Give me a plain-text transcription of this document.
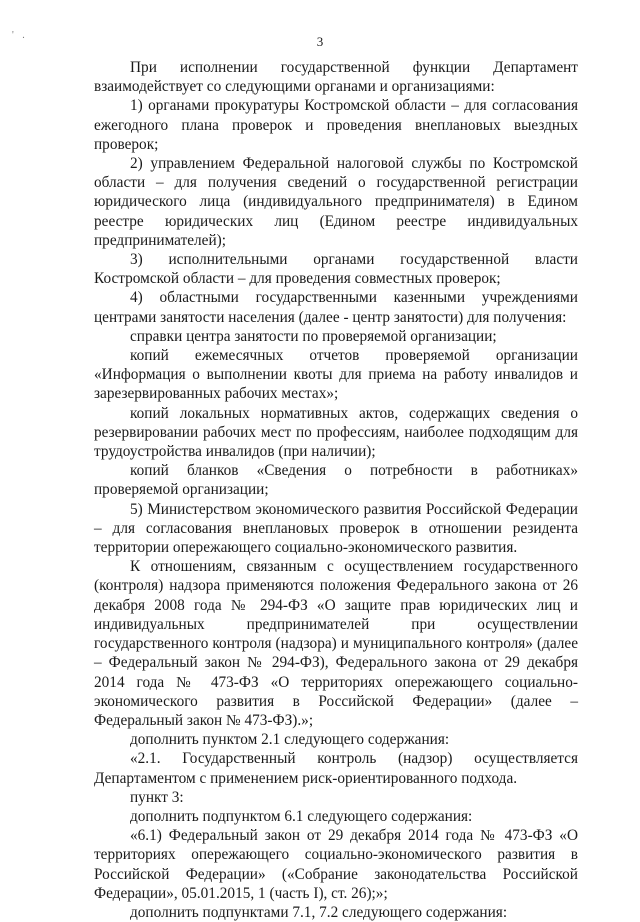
' .	3

При исполнении государственной функции Департамент взаимодействует со следующими органами и организациями:

1) органами прокуратуры Костромской области – для согласования ежегодного плана проверок и проведения внеплановых выездных проверок;

2) управлением Федеральной налоговой службы по Костромской области – для получения сведений о государственной регистрации юридического лица (индивидуального предпринимателя) в Едином реестре юридических лиц (Едином реестре индивидуальных предпринимателей);

3) исполнительными органами государственной власти Костромской области – для проведения совместных проверок;

4) областными государственными казенными учреждениями центрами занятости населения (далее - центр занятости) для получения:

справки центра занятости по проверяемой организации;

копий ежемесячных отчетов проверяемой организации «Информация о выполнении квоты для приема на работу инвалидов и зарезервированных рабочих местах»;

копий локальных нормативных актов, содержащих сведения о резервировании рабочих мест по профессиям, наиболее подходящим для трудоустройства инвалидов (при наличии);

копий бланков «Сведения о потребности в работниках» проверяемой организации;

5) Министерством экономического развития Российской Федерации – для согласования внеплановых проверок в отношении резидента территории опережающего социально-экономического развития.

К отношениям, связанным с осуществлением государственного (контроля) надзора применяются положения Федерального закона от 26 декабря 2008 года № 294-ФЗ «О защите прав юридических лиц и индивидуальных предпринимателей при осуществлении государственного контроля (надзора) и муниципального контроля» (далее – Федеральный закон № 294-ФЗ), Федерального закона от 29 декабря 2014 года № 473-ФЗ «О территориях опережающего социально-экономического развития в Российской Федерации» (далее – Федеральный закон № 473-ФЗ).»;

дополнить пунктом 2.1 следующего содержания:

«2.1. Государственный контроль (надзор) осуществляется Департаментом с применением риск-ориентированного подхода.

пункт 3:

дополнить подпунктом 6.1 следующего содержания:

«6.1) Федеральный закон от 29 декабря 2014 года № 473-ФЗ «О территориях опережающего социально-экономического развития в Российской Федерации» («Собрание законодательства Российской Федерации», 05.01.2015, 1 (часть I), ст. 26);»;

дополнить подпунктами 7.1, 7.2 следующего содержания:
